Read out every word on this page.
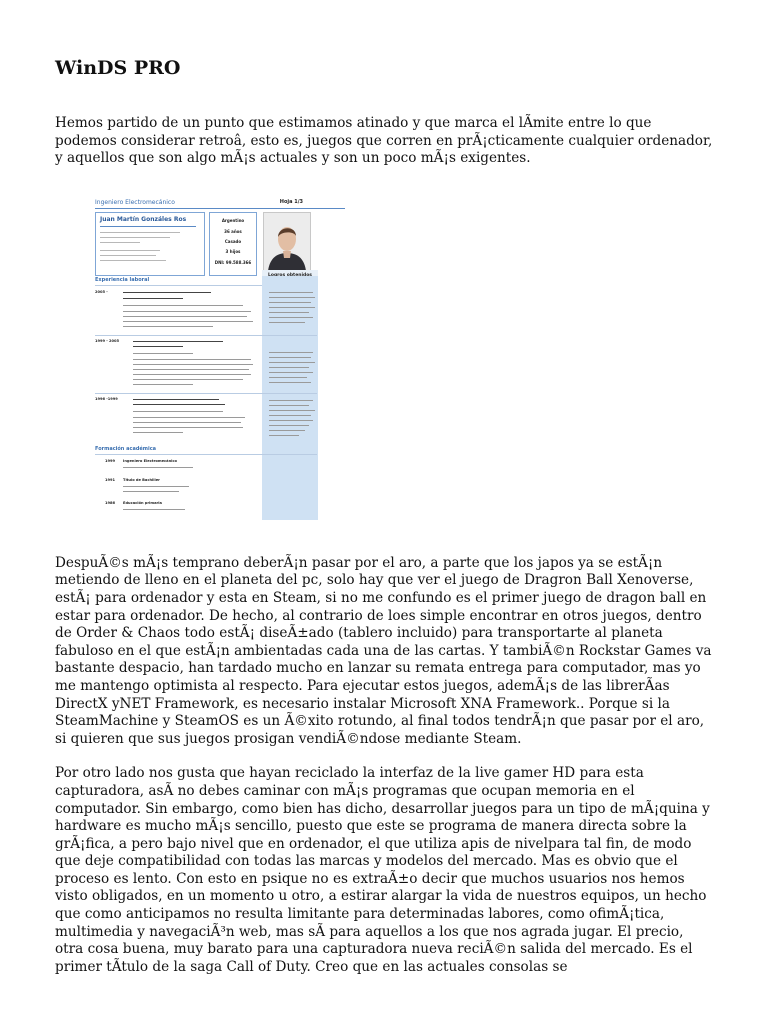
WinDS PRO

Hemos partido de un punto que estimamos atinado y que marca el lÃmite entre lo que podemos considerar retroâ, esto es, juegos que corren en prÃ¡cticamente cualquier ordenador, y aquellos que son algo mÃ¡s actuales y son un poco mÃ¡s exigentes.

Ingeniero Electromecánico	Hoja 1/3
Juan Martín Gonzáles Ros	Argentino
36 años
Casado
3 hijos
DNI: 99.588.366
Experiencia laboral
2005 -
1999 - 2005
1996 -1999
Formación académica
1999 Ingeniero Electromecánico
1991 Título de Bachiller
1986 Educación primaria

DespuÃ©s mÃ¡s temprano deberÃ¡n pasar por el aro, a parte que los japos ya se estÃ¡n metiendo de lleno en el planeta del pc, solo hay que ver el juego de Dragron Ball Xenoverse, estÃ¡ para ordenador y esta en Steam, si no me confundo es el primer juego de dragon ball en estar para ordenador. De hecho, al contrario de loes simple encontrar en otros juegos, dentro de Order & Chaos todo estÃ¡ diseÃ±ado (tablero incluido) para transportarte al planeta fabuloso en el que estÃ¡n ambientadas cada una de las cartas. Y tambiÃ©n Rockstar Games va bastante despacio, han tardado mucho en lanzar su remata entrega para computador, mas yo me mantengo optimista al respecto. Para ejecutar estos juegos, ademÃ¡s de las librerÃas DirectX yNET Framework, es necesario instalar Microsoft XNA Framework.. Porque si la SteamMachine y SteamOS es un Ã©xito rotundo, al final todos tendrÃ¡n que pasar por el aro, si quieren que sus juegos prosigan vendiÃ©ndose mediante Steam.

Por otro lado nos gusta que hayan reciclado la interfaz de la live gamer HD para esta capturadora, asÃ no debes caminar con mÃ¡s programas que ocupan memoria en el computador. Sin embargo, como bien has dicho, desarrollar juegos para un tipo de mÃ¡quina y hardware es mucho mÃ¡s sencillo, puesto que este se programa de manera directa sobre la grÃ¡fica, a pero bajo nivel que en ordenador, el que utiliza apis de nivelpara tal fin, de modo que deje compatibilidad con todas las marcas y modelos del mercado. Mas es obvio que el proceso es lento. Con esto en psique no es extraÃ±o decir que muchos usuarios nos hemos visto obligados, en un momento u otro, a estirar alargar la vida de nuestros equipos, un hecho que como anticipamos no resulta limitante para determinadas labores, como ofimÃ¡tica, multimedia y navegaciÃ³n web, mas sÃ para aquellos a los que nos agrada jugar. El precio, otra cosa buena, muy barato para una capturadora nueva reciÃ©n salida del mercado. Es el primer tÃtulo de la saga Call of Duty. Creo que en las actuales consolas se
